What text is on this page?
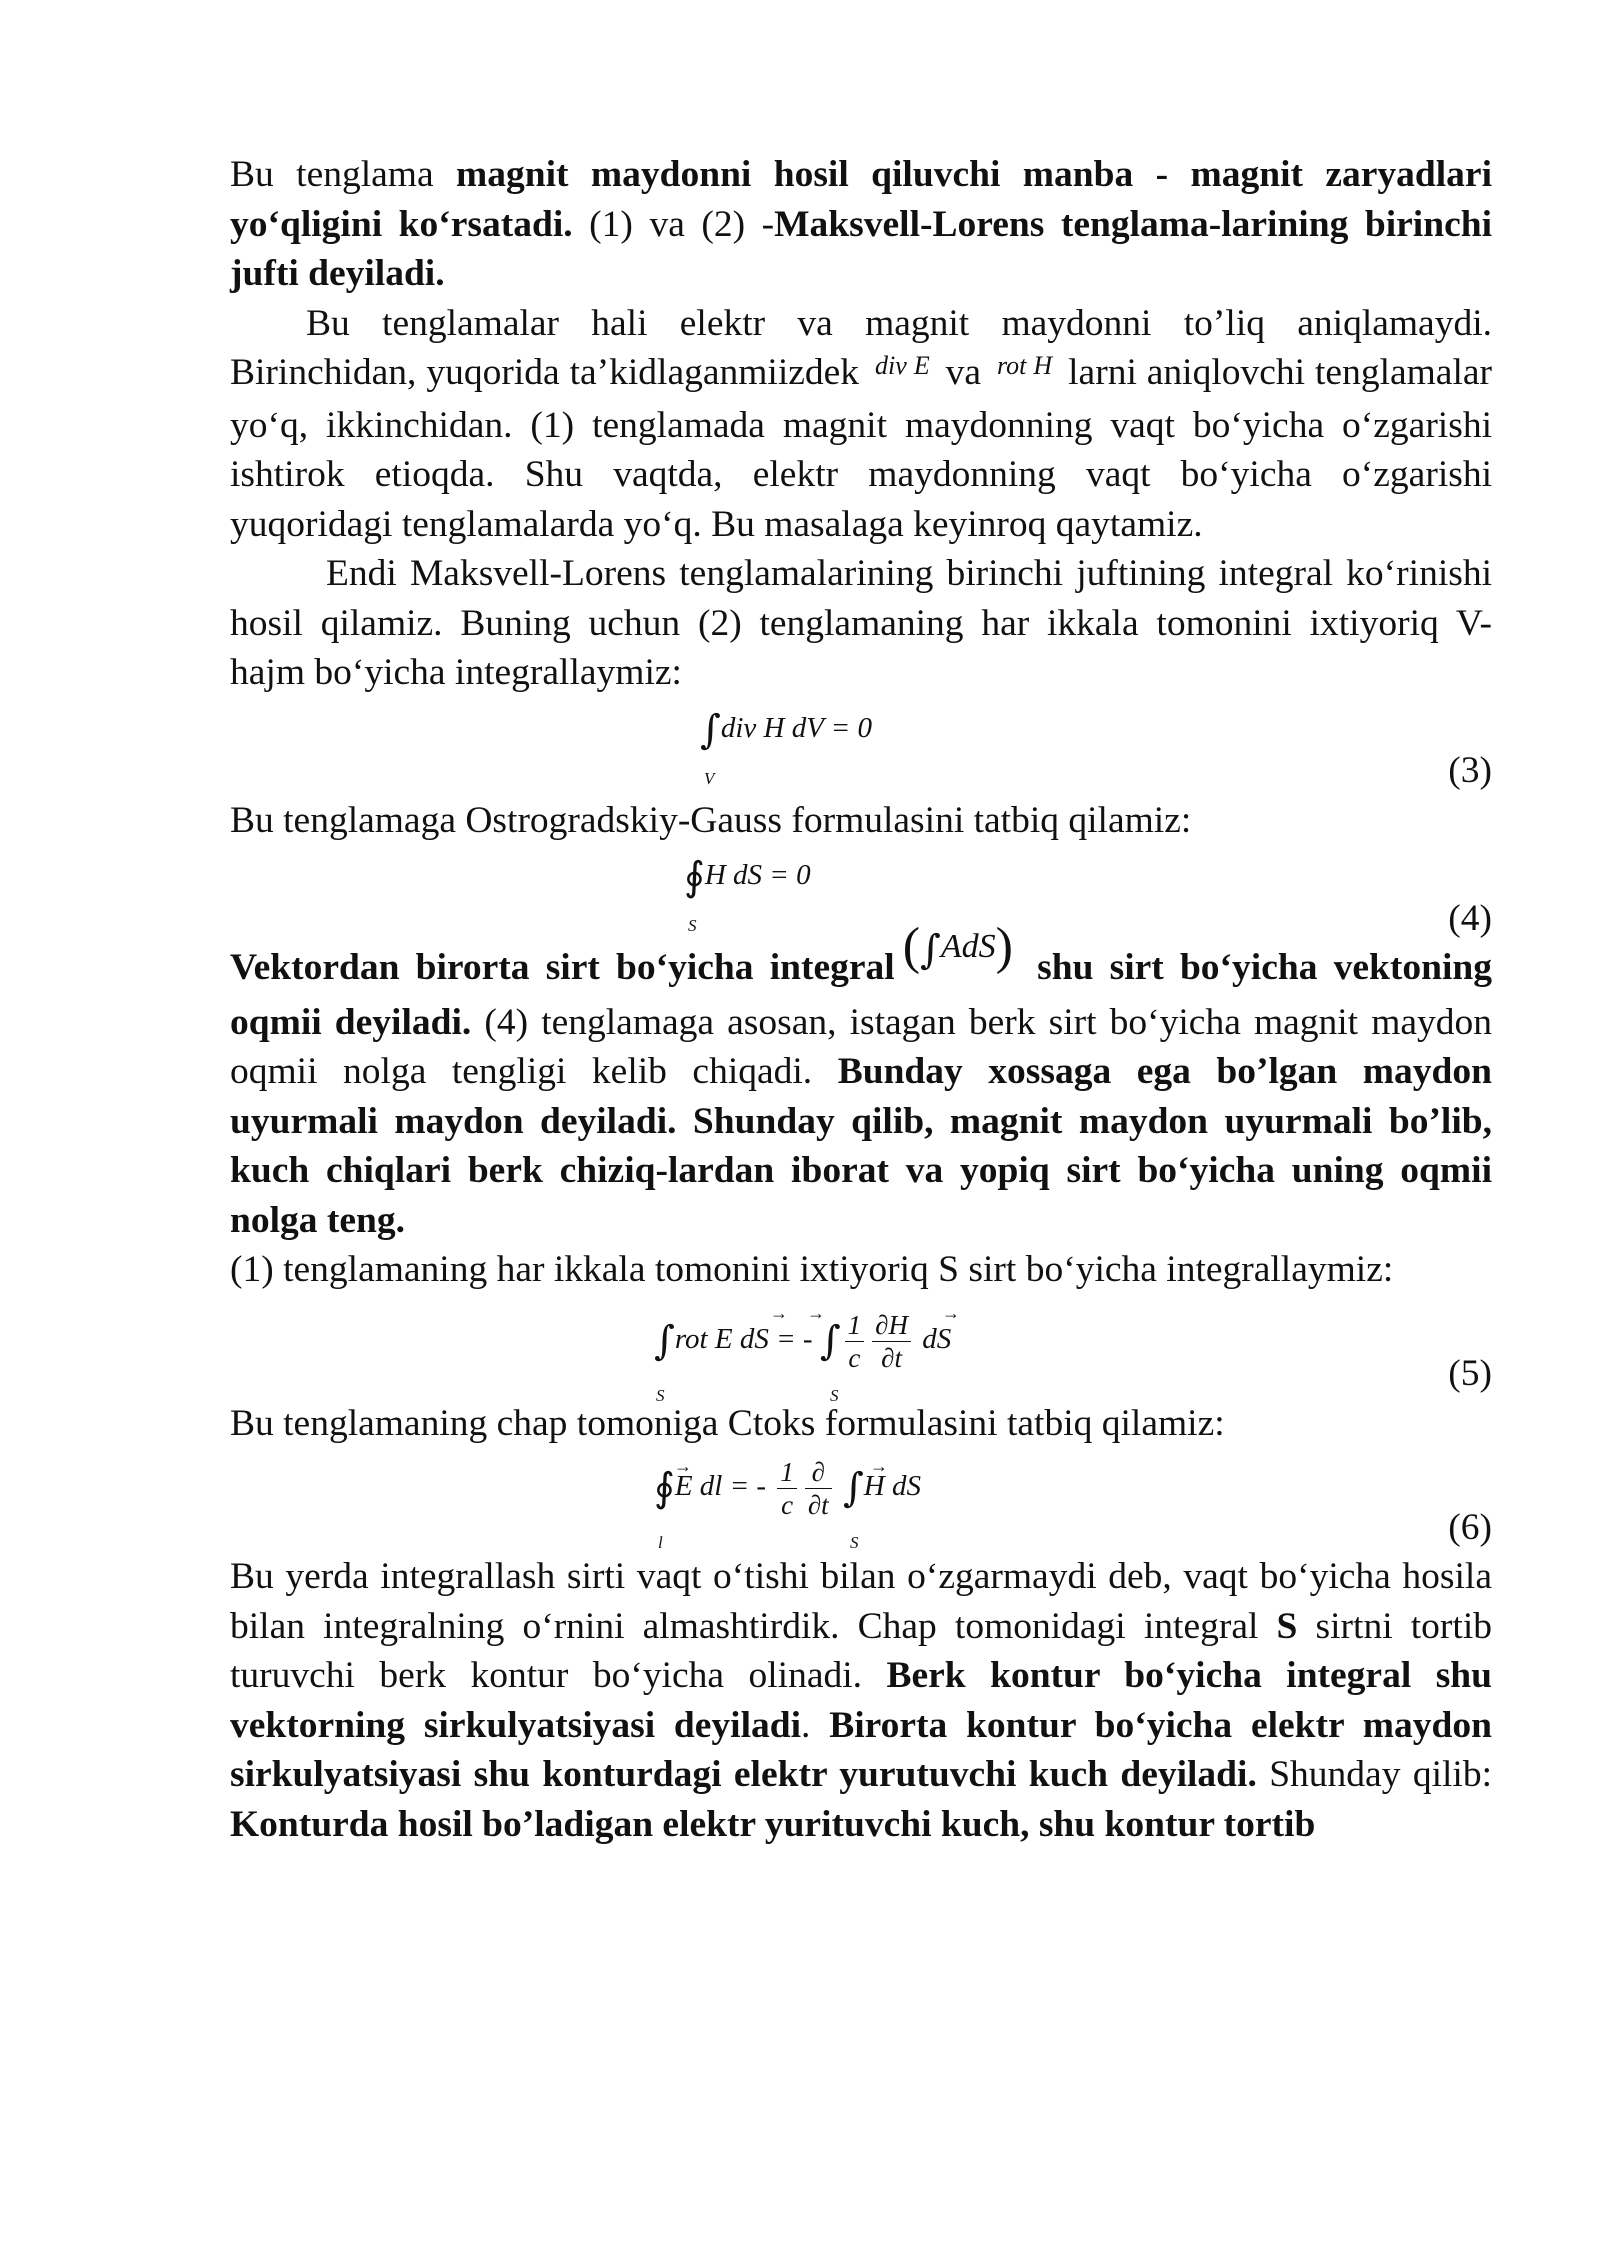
Bu tenglama magnit maydonni hosil qiluvchi manba - magnit zaryadlari yo‘qligini ko‘rsatadi. (1) va (2) -Maksvell-Lorens tenglama-larining birinchi jufti deyiladi.

Bu tenglamalar hali elektr va magnit maydonni to’liq aniqlamaydi. Birinchidan, yuqorida ta’kidlaganmiizdek $^{div E}$ va $^{rot H}$ larni aniqlovchi tenglamalar yo‘q, ikkinchidan. (1) tenglamada magnit maydonning vaqt bo‘yicha o‘zgarishi ishtirok etioqda. Shu vaqtda, elektr maydonning vaqt bo‘yicha o‘zgarishi yuqoridagi tenglamalarda yo‘q. Bu masalaga keyinroq qaytamiz.

Endi Maksvell-Lorens tenglamalarining birinchi juftining integral ko‘rinishi hosil qilamiz. Buning uchun (2) tenglamaning har ikkala tomonini ixtiyoriq V- hajm bo‘yicha integrallaymiz:

∫div H dV = 0
V	(3)

Bu tenglamaga Ostrogradskiy-Gauss formulasini tatbiq qilamiz:

∮H dS = 0
S	(4)

Vektordan birorta sirt bo‘yicha integral (∫AdS) shu sirt bo‘yicha vektoning oqmii deyiladi. (4) tenglamaga asosan, istagan berk sirt bo‘yicha magnit maydon oqmii nolga tengligi kelib chiqadi. Bunday xossaga ega bo’lgan maydon uyurmali maydon deyiladi. Shunday qilib, magnit maydon uyurmali bo’lib, kuch chiqlari berk chiziq-lardan iborat va yopiq sirt bo‘yicha uning oqmii nolga teng.

(1) tenglamaning har ikkala tomonini ixtiyoriq S sirt bo‘yicha integrallaymiz:

→ →	→
∫rot E dS = - ∫ $\frac{1}{c} \frac{\partial H}{\partial t}$ dS
S	S
(5)

Bu tenglamaning chap tomoniga Ctoks formulasini tatbiq qilamiz:

→	→
∮E dl = - $\frac{1}{c} \frac{\partial}{\partial t} \int H$ dS
l	S	(6)

Bu yerda integrallash sirti vaqt o‘tishi bilan o‘zgarmaydi deb, vaqt bo‘yicha hosila bilan integralning o‘rnini almashtirdik. Chap tomonidagi integral S sirtni tortib turuvchi berk kontur bo‘yicha olinadi. Berk kontur bo‘yicha integral shu vektorning sirkulyatsiyasi deyiladi. Birorta kontur bo‘yicha elektr maydon sirkulyatsiyasi shu konturdagi elektr yurutuvchi kuch deyiladi. Shunday qilib: Konturda hosil bo’ladigan elektr yurituvchi kuch, shu kontur tortib
